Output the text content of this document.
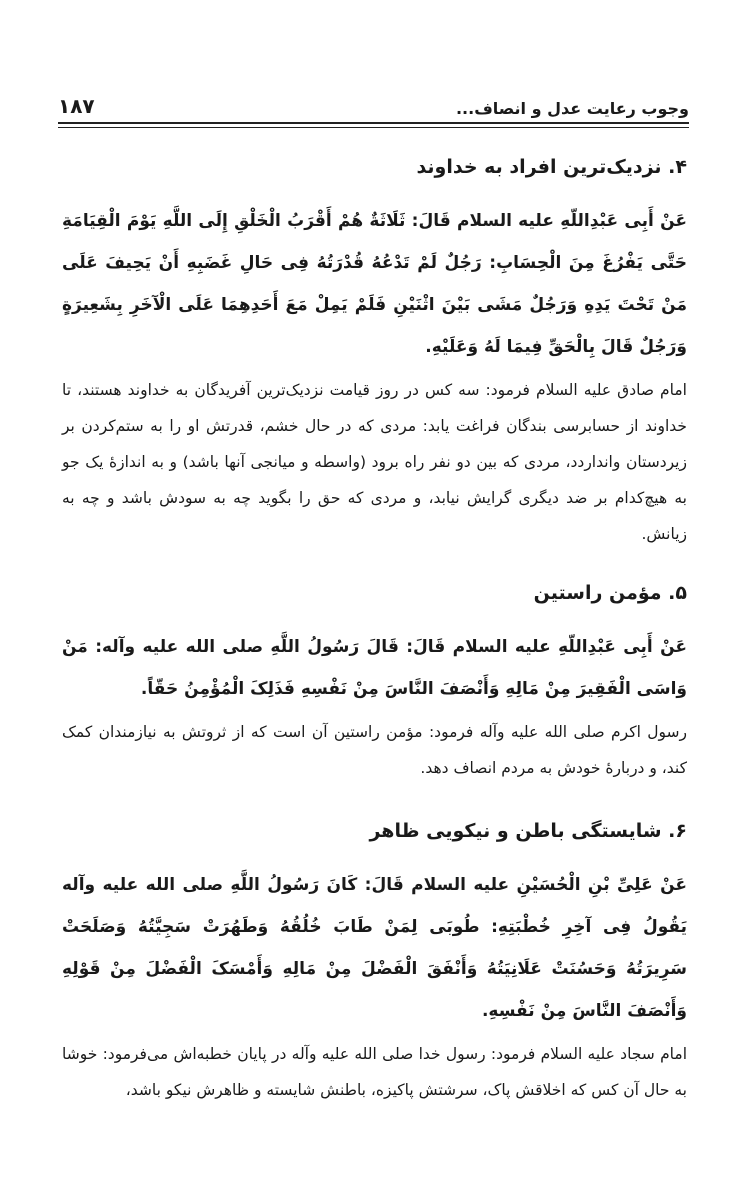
وجوب رعایت عدل و انصاف...
۱۸۷
۴. نزدیک‌ترین افراد به خداوند

عَنْ أَبِی عَبْدِاللّهِ عليه السلام قَالَ: ثَلَاثَةٌ هُمْ أَقْرَبُ الْخَلْقِ إِلَی اللَّهِ یَوْمَ الْقِیَامَةِ حَتَّی یَفْرُغَ مِنَ الْحِسَابِ: رَجُلٌ لَمْ تَدْعُهُ قُدْرَتُهُ فِی حَالِ غَضَبِهِ أَنْ یَحِیفَ عَلَی مَنْ تَحْتَ یَدِهِ وَرَجُلٌ مَشَی بَیْنَ اثْنَیْنِ فَلَمْ یَمِلْ مَعَ أَحَدِهِمَا عَلَی الْآخَرِ بِشَعِیرَةٍ وَرَجُلٌ قَالَ بِالْحَقِّ فِیمَا لَهُ وَعَلَیْهِ.

امام صادق عليه السلام فرمود: سه کس در روز قیامت نزدیک‌ترین آفریدگان به خداوند هستند، تا خداوند از حسابرسی بندگان فراغت یابد: مردی که در حال خشم، قدرتش او را به ستم‌کردن بر زیردستان وانداردد، مردی که بین دو نفر راه برود (واسطه و میانجی آنها باشد) و به اندازهٔ یک جو به هیچ‌کدام بر ضد دیگری گرایش نیابد، و مردی که حق را بگوید چه به سودش باشد و چه به زیانش.

۵. مؤمن راستین

عَنْ أَبِی عَبْدِاللّهِ عليه السلام قَالَ: قَالَ رَسُولُ اللَّهِ صلى الله عليه وآله: مَنْ وَاسَی الْفَقِیرَ مِنْ مَالِهِ وَأَنْصَفَ النَّاسَ مِنْ نَفْسِهِ فَذَلِکَ الْمُؤْمِنُ حَقّاً.

رسول اکرم صلى الله عليه وآله فرمود: مؤمن راستین آن است که از ثروتش به نیازمندان کمک کند، و دربارهٔ خودش به مردم انصاف دهد.

۶. شایستگی باطن و نیکویی ظاهر

عَنْ عَلِیِّ بْنِ الْحُسَیْنِ عليه السلام قَالَ: کَانَ رَسُولُ اللَّهِ صلى الله عليه وآله یَقُولُ فِی آخِرِ خُطْبَتِهِ: طُوبَی لِمَنْ طَابَ خُلُقُهُ وَطَهُرَتْ سَجِیَّتُهُ وَصَلَحَتْ سَرِیرَتُهُ وَحَسُنَتْ عَلَانِیَتُهُ وَأَنْفَقَ الْفَضْلَ مِنْ مَالِهِ وَأَمْسَکَ الْفَضْلَ مِنْ قَوْلِهِ وَأَنْصَفَ النَّاسَ مِنْ نَفْسِهِ.

امام سجاد عليه السلام فرمود: رسول خدا صلى الله عليه وآله در پایان خطبه‌اش می‌فرمود: خوشا به حال آن کس که اخلاقش پاک، سرشتش پاکیزه، باطنش شایسته و ظاهرش نیکو باشد،
